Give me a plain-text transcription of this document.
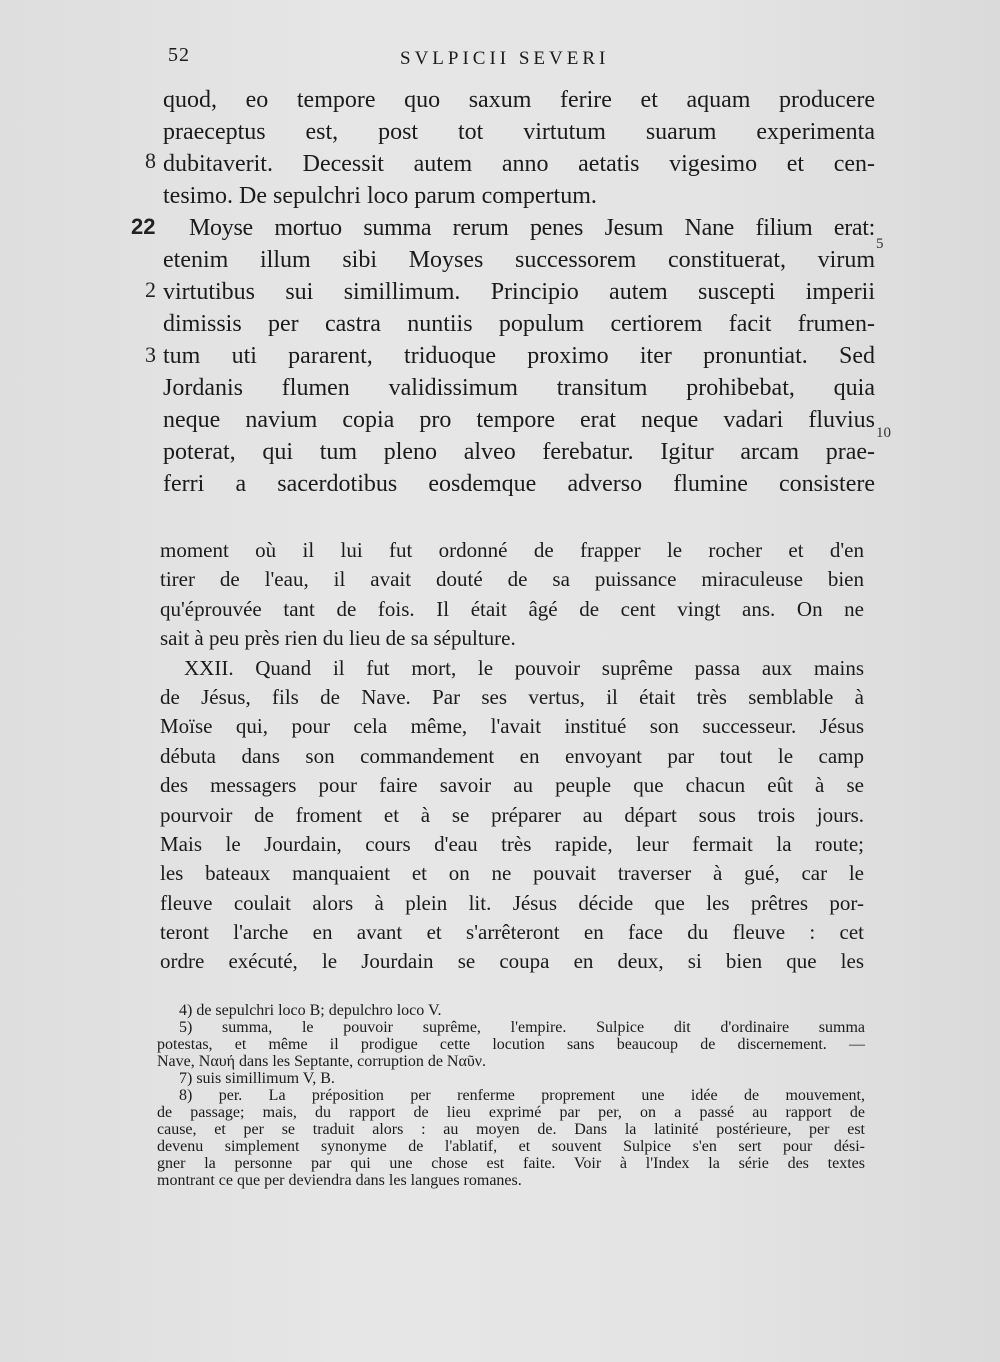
52	SVLPICII SEVERI
quod, eo tempore quo saxum ferire et aquam producere
praeceptus est, post tot virtutum suarum experimenta
dubitaverit. Decessit autem anno aetatis vigesimo et cen-
tesimo. De sepulchri loco parum compertum.
Moyse mortuo summa rerum penes Jesum Nane filium erat:
etenim illum sibi Moyses successorem constituerat, virum
virtutibus sui simillimum. Principio autem suscepti imperii
dimissis per castra nuntiis populum certiorem facit frumen-
tum uti pararent, triduoque proximo iter pronuntiat. Sed
Jordanis flumen validissimum transitum prohibebat, quia
neque navium copia pro tempore erat neque vadari fluvius
poterat, qui tum pleno alveo ferebatur. Igitur arcam prae-
ferri a sacerdotibus eosdemque adverso flumine consistere
8
22
2
3
5
10
moment où il lui fut ordonné de frapper le rocher et d'en
tirer de l'eau, il avait douté de sa puissance miraculeuse bien
qu'éprouvée tant de fois. Il était âgé de cent vingt ans. On ne
sait à peu près rien du lieu de sa sépulture.
XXII. Quand il fut mort, le pouvoir suprême passa aux mains
de Jésus, fils de Nave. Par ses vertus, il était très semblable à
Moïse qui, pour cela même, l'avait institué son successeur. Jésus
débuta dans son commandement en envoyant par tout le camp
des messagers pour faire savoir au peuple que chacun eût à se
pourvoir de froment et à se préparer au départ sous trois jours.
Mais le Jourdain, cours d'eau très rapide, leur fermait la route;
les bateaux manquaient et on ne pouvait traverser à gué, car le
fleuve coulait alors à plein lit. Jésus décide que les prêtres por-
teront l'arche en avant et s'arrêteront en face du fleuve : cet
ordre exécuté, le Jourdain se coupa en deux, si bien que les
4) de sepulchri loco B; depulchro loco V.
5) summa, le pouvoir suprême, l'empire. Sulpice dit d'ordinaire summa
potestas, et même il prodigue cette locution sans beaucoup de discernement. —
Nave, Ναυή dans les Septante, corruption de Ναῦν.
7) suis simillimum V, B.
8) per. La préposition per renferme proprement une idée de mouvement,
de passage; mais, du rapport de lieu exprimé par per, on a passé au rapport de
cause, et per se traduit alors : au moyen de. Dans la latinité postérieure, per est
devenu simplement synonyme de l'ablatif, et souvent Sulpice s'en sert pour dési-
gner la personne par qui une chose est faite. Voir à l'Index la série des textes
montrant ce que per deviendra dans les langues romanes.
